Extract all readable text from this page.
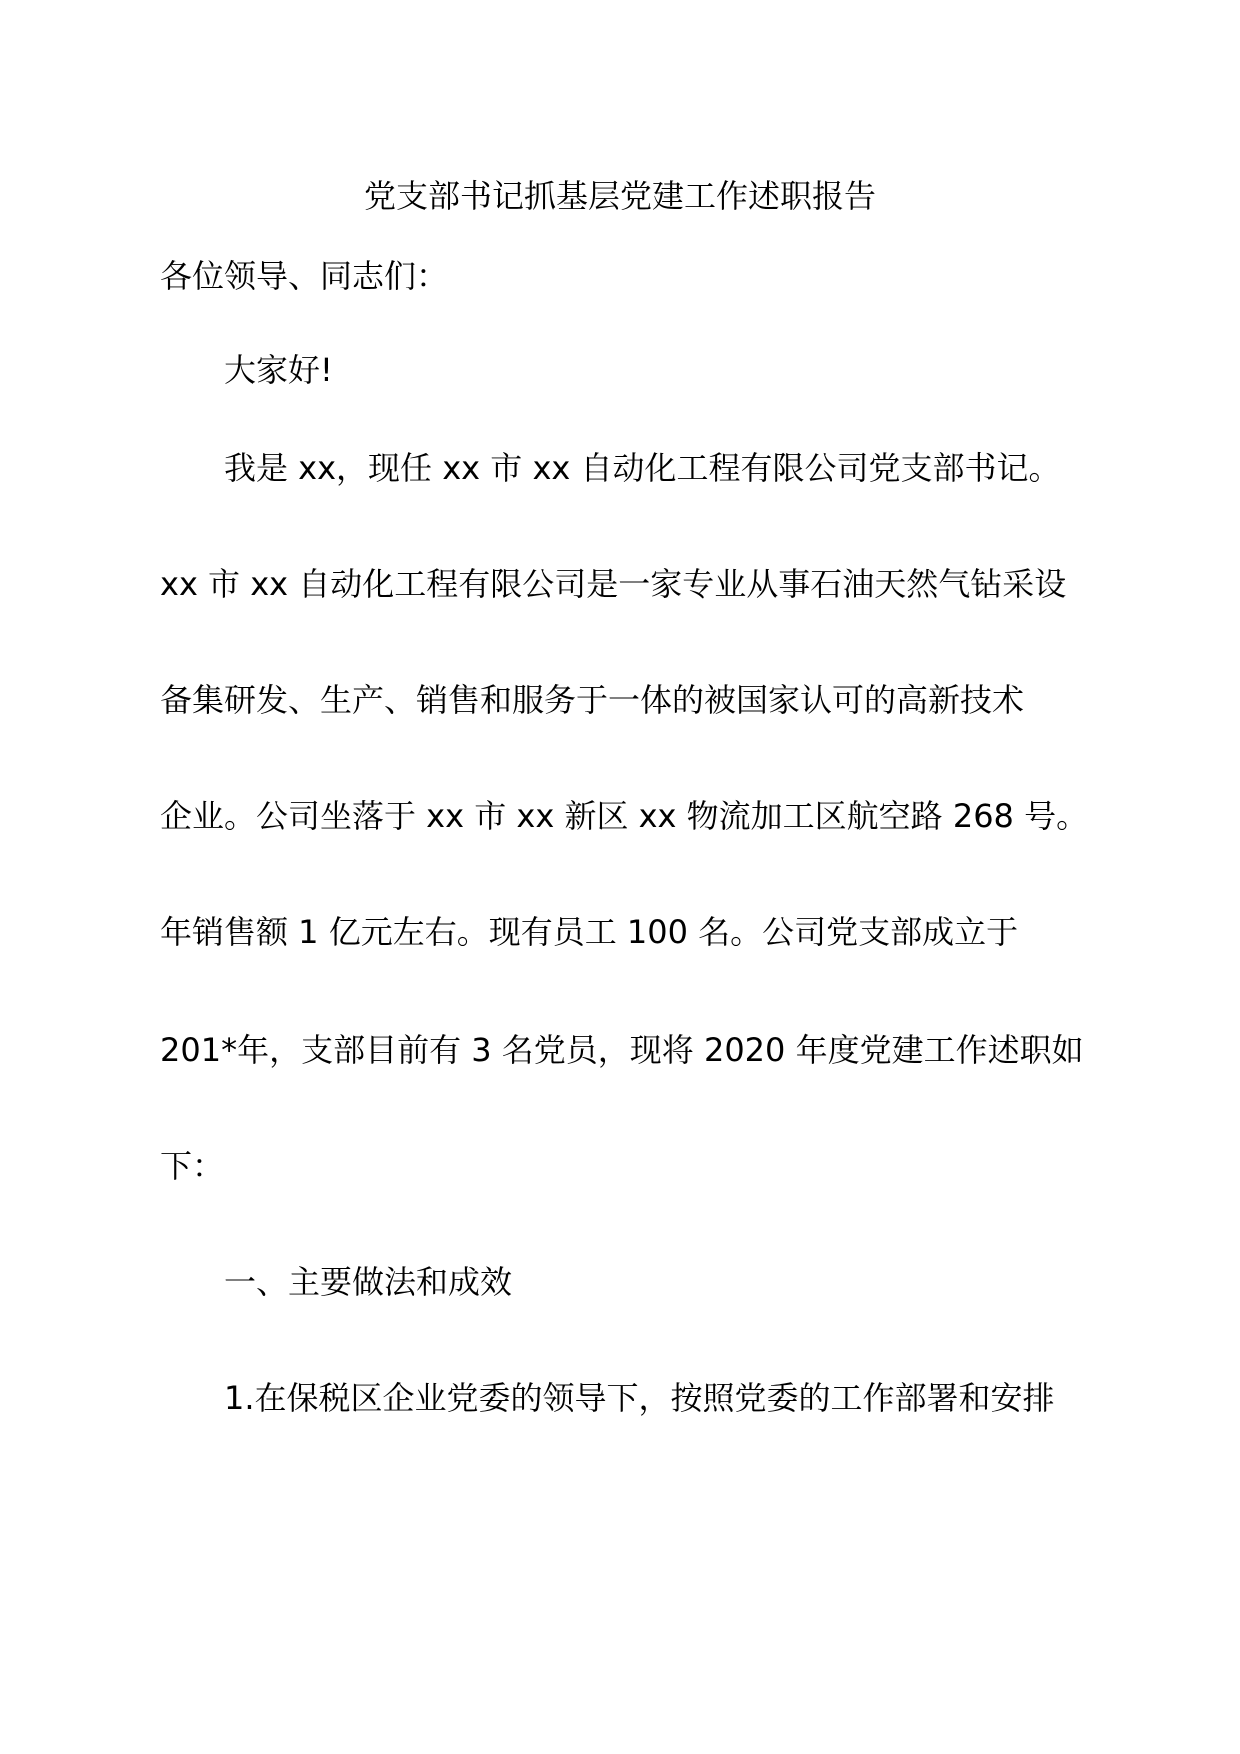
党支部书记抓基层党建工作述职报告
各位领导、同志们：
大家好!
我是 xx，现任 xx 市 xx 自动化工程有限公司党支部书记。
xx 市 xx 自动化工程有限公司是一家专业从事石油天然气钻采设
备集研发、生产、销售和服务于一体的被国家认可的高新技术
企业。公司坐落于 xx 市 xx 新区 xx 物流加工区航空路 268 号。
年销售额 1 亿元左右。现有员工 100 名。公司党支部成立于
201*年，支部目前有 3 名党员，现将 2020 年度党建工作述职如
下：
一、主要做法和成效
1.在保税区企业党委的领导下，按照党委的工作部署和安排
